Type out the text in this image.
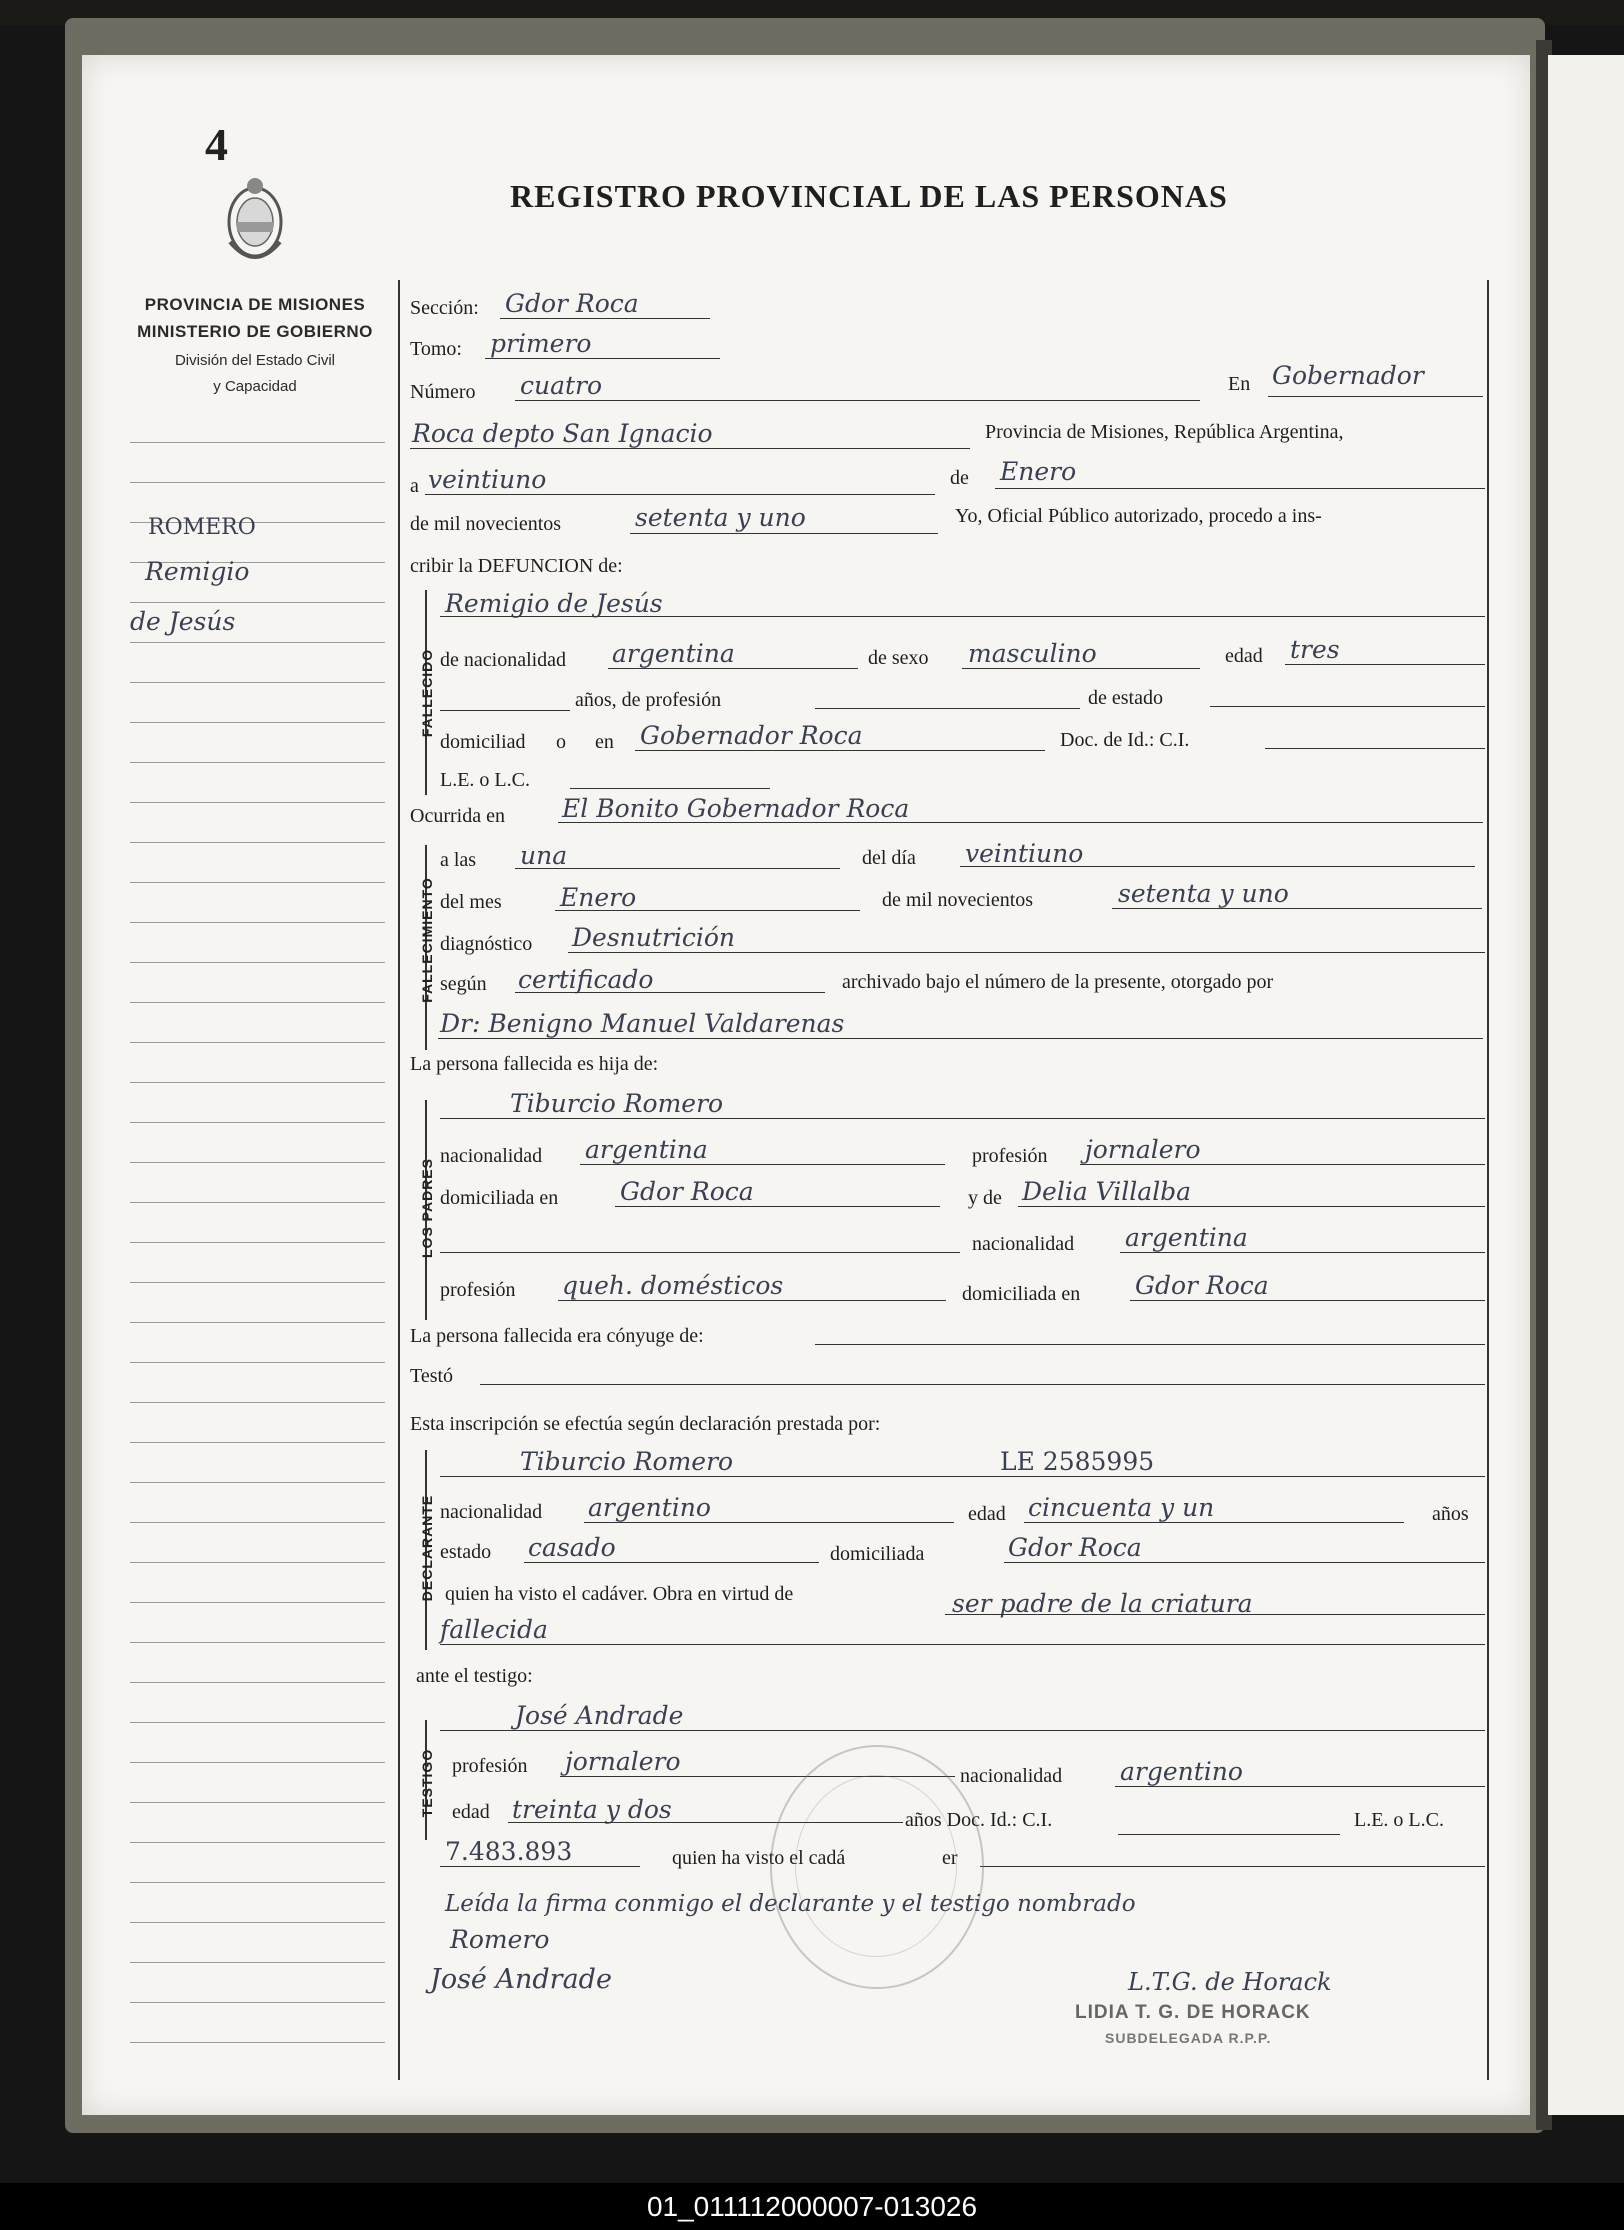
4
REGISTRO PROVINCIAL DE LAS PERSONAS
PROVINCIA DE MISIONES
MINISTERIO DE GOBIERNO
División del Estado Civil
y Capacidad
ROMERO
Remigio
de Jesús
FALLECIDO
FALLECIMIENTO
LOS PADRES
DECLARANTE
TESTIGO
Sección: Gdor Roca
Tomo: primero
Número cuatro	En Gobernador
Roca depto San Ignacio	Provincia de Misiones, República Argentina,
a veintiuno	de Enero
de mil novecientos	setenta y uno	Yo, Oficial Público autorizado, procedo a ins-
cribir la DEFUNCION de:
Remigio de Jesús
de nacionalidad argentina	de sexo masculino	edad tres
años, de profesión	de estado
domiciliad o en Gobernador Roca	Doc. de Id.: C.I.
L.E. o L.C.
Ocurrida en El Bonito Gobernador Roca
a las una	del día veintiuno
del mes Enero	de mil novecientos	setenta y uno
diagnóstico Desnutrición
según certificado	archivado bajo el número de la presente, otorgado por
Dr: Benigno Manuel Valdarenas
La persona fallecida es hija de:
Tiburcio Romero
nacionalidad argentina	profesión jornalero
domiciliada en Gdor Roca	y de Delia Villalba
nacionalidad argentina
profesión queh. domésticos	domiciliada en Gdor Roca
La persona fallecida era cónyuge de:
Testó
Esta inscripción se efectúa según declaración prestada por:
Tiburcio Romero	LE 2585995
nacionalidad argentino	edad cincuenta y un	años
estado casado	domiciliada	Gdor Roca
quien ha visto el cadáver. Obra en virtud de	ser padre de la criatura
fallecida
ante el testigo:
José Andrade
profesión jornalero	nacionalidad argentino
edad treinta y dos	años Doc. Id.: C.I.	L.E. o L.C.
7.483.893	quien ha visto el cadá	er
Leída la firma conmigo el declarante y el testigo nombrado
Romero
José Andrade	L.T.G. de Horack
LIDIA T. G. DE HORACK
SUBDELEGADA R.P.P.
01_011112000007-013026
